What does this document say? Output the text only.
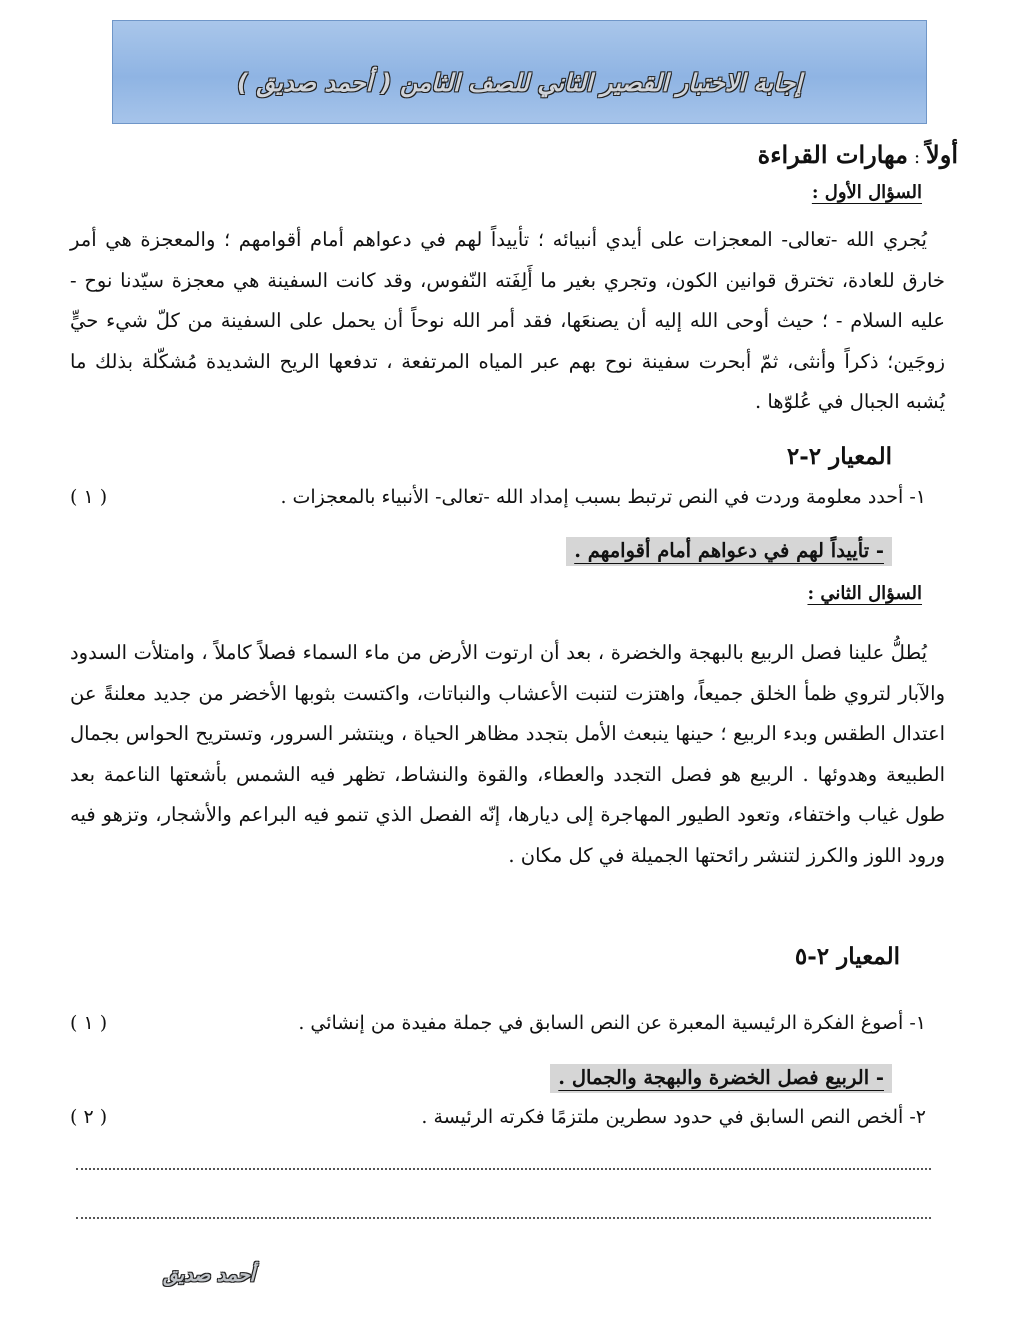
إجابة الاختبار القصير الثاني للصف الثامن ( أحمد صديق )
أولاً:مهارات القراءة
السؤال الأول :
يُجري الله -تعالى- المعجزات على أيدي أنبيائه ؛ تأييداً لهم في دعواهم أمام أقوامهم ؛ والمعجزة هي أمر خارق للعادة، تخترق قوانين الكون، وتجري بغير ما أَلِفَته النّفوس، وقد كانت السفينة هي معجزة سيّدنا نوح - عليه السلام - ؛ حيث أوحى الله إليه أن يصنعَها، فقد أمر الله نوحاً أن يحمل على السفينة من كلّ شيء حيٍّ زوجَين؛ ذكراً وأنثى، ثمّ أبحرت سفينة نوح بهم عبر المياه المرتفعة ، تدفعها الريح الشديدة مُشكّلة بذلك ما يُشبه الجبال في عُلوّها .
المعيار ٢-٢
١- أحدد معلومة وردت في النص ترتبط بسبب إمداد الله -تعالى- الأنبياء بالمعجزات .
( ١ )
- تأييداً لهم في دعواهم أمام أقوامهم .
السؤال الثاني :
يُطلُّ علينا فصل الربيع بالبهجة والخضرة ، بعد أن ارتوت الأرض من ماء السماء فصلاً كاملاً ، وامتلأت السدود والآبار لتروي ظمأ الخلق جميعاً، واهتزت لتنبت الأعشاب والنباتات، واكتست بثوبها الأخضر من جديد معلنةً عن اعتدال الطقس وبدء الربيع ؛ حينها ينبعث الأمل بتجدد مظاهر الحياة ، وينتشر السرور، وتستريح الحواس بجمال الطبيعة وهدوئها . الربيع هو فصل التجدد والعطاء، والقوة والنشاط، تظهر فيه الشمس بأشعتها الناعمة بعد طول غياب واختفاء، وتعود الطيور المهاجرة إلى ديارها، إنّه الفصل الذي تنمو فيه البراعم والأشجار، وتزهو فيه ورود اللوز والكرز لتنشر رائحتها الجميلة في كل مكان .
المعيار ٢-٥
١- أصوغ الفكرة الرئيسية المعبرة عن النص السابق في جملة مفيدة من إنشائي .
( ١ )
- الربيع فصل الخضرة والبهجة والجمال .
٢- ألخص النص السابق في حدود سطرين ملتزمًا فكرته الرئيسة .
( ٢ )
أحمد صديق
